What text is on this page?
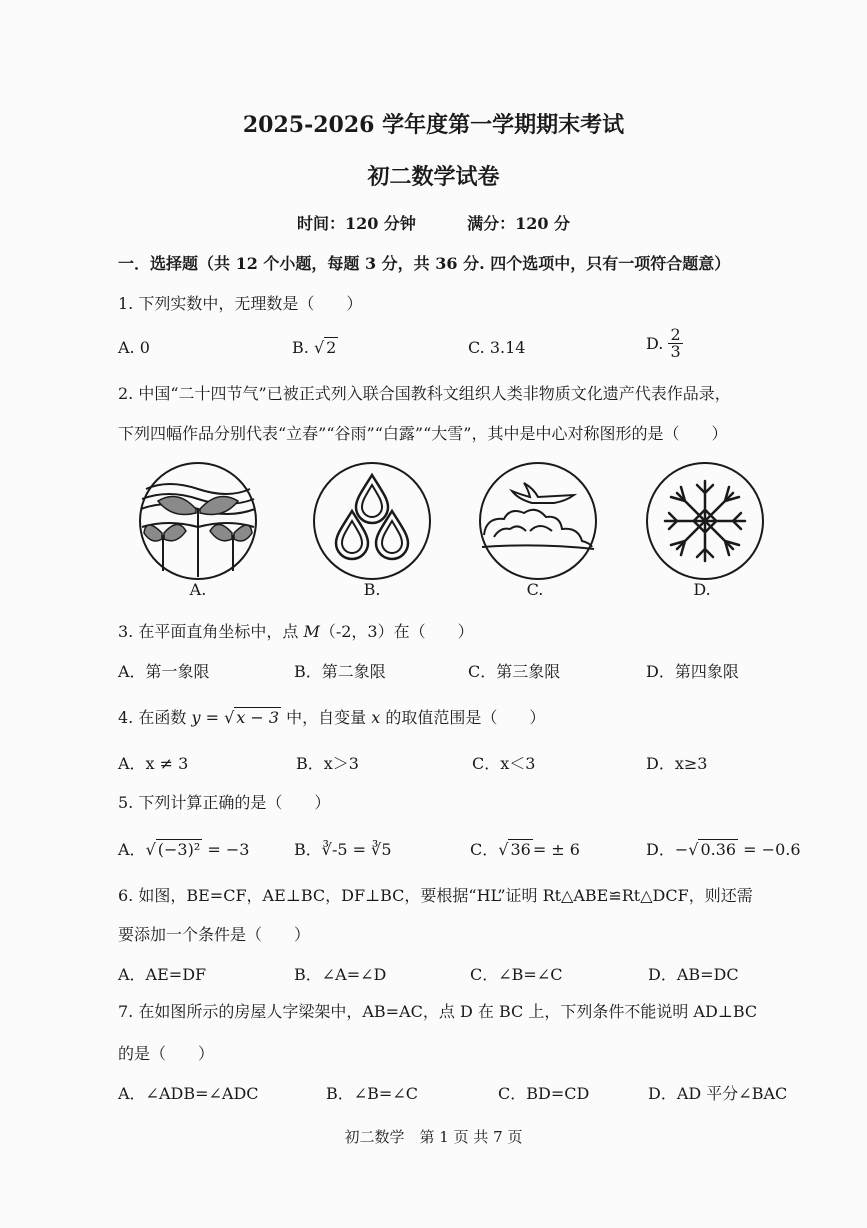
2025-2026 学年度第一学期期末考试
初二数学试卷
时间：120 分钟	满分：120 分
一．选择题（共 12 个小题，每题 3 分，共 36 分. 四个选项中，只有一项符合题意）
1. 下列实数中，无理数是（　　）
A. 0	B. √ 2	C. 3.14	D. $\frac{2}{3}$
2. 中国“二十四节气”已被正式列入联合国教科文组织人类非物质文化遗产代表作品录，
下列四幅作品分别代表“立春”“谷雨”“白露”“大雪”，其中是中心对称图形的是（　　）
A.	B.	C.	D.
3. 在平面直角坐标中，点 M（-2，3）在（　　）
A．第一象限	B．第二象限	C．第三象限	D．第四象限
4. 在函数 y = √ x − 3 中，自变量 x 的取值范围是（　　）
A．x ≠ 3	B．x＞3	C．x＜3	D．x≥3
5. 下列计算正确的是（　　）
A．√ (−3)² = −3	B．∛-5 = ∛5	C．√ 36 = ± 6	D．−√ 0.36 = −0.6
6. 如图，BE=CF，AE⊥BC，DF⊥BC，要根据“HL”证明 Rt△ABE≌Rt△DCF，则还需
要添加一个条件是（　　）
A．AE=DF	B．∠A=∠D	C．∠B=∠C	D．AB=DC
7. 在如图所示的房屋人字梁架中，AB=AC，点 D 在 BC 上，下列条件不能说明 AD⊥BC
的是（　　）
A．∠ADB=∠ADC	B．∠B=∠C	C．BD=CD	D．AD 平分∠BAC
初二数学　第 1 页 共 7 页
